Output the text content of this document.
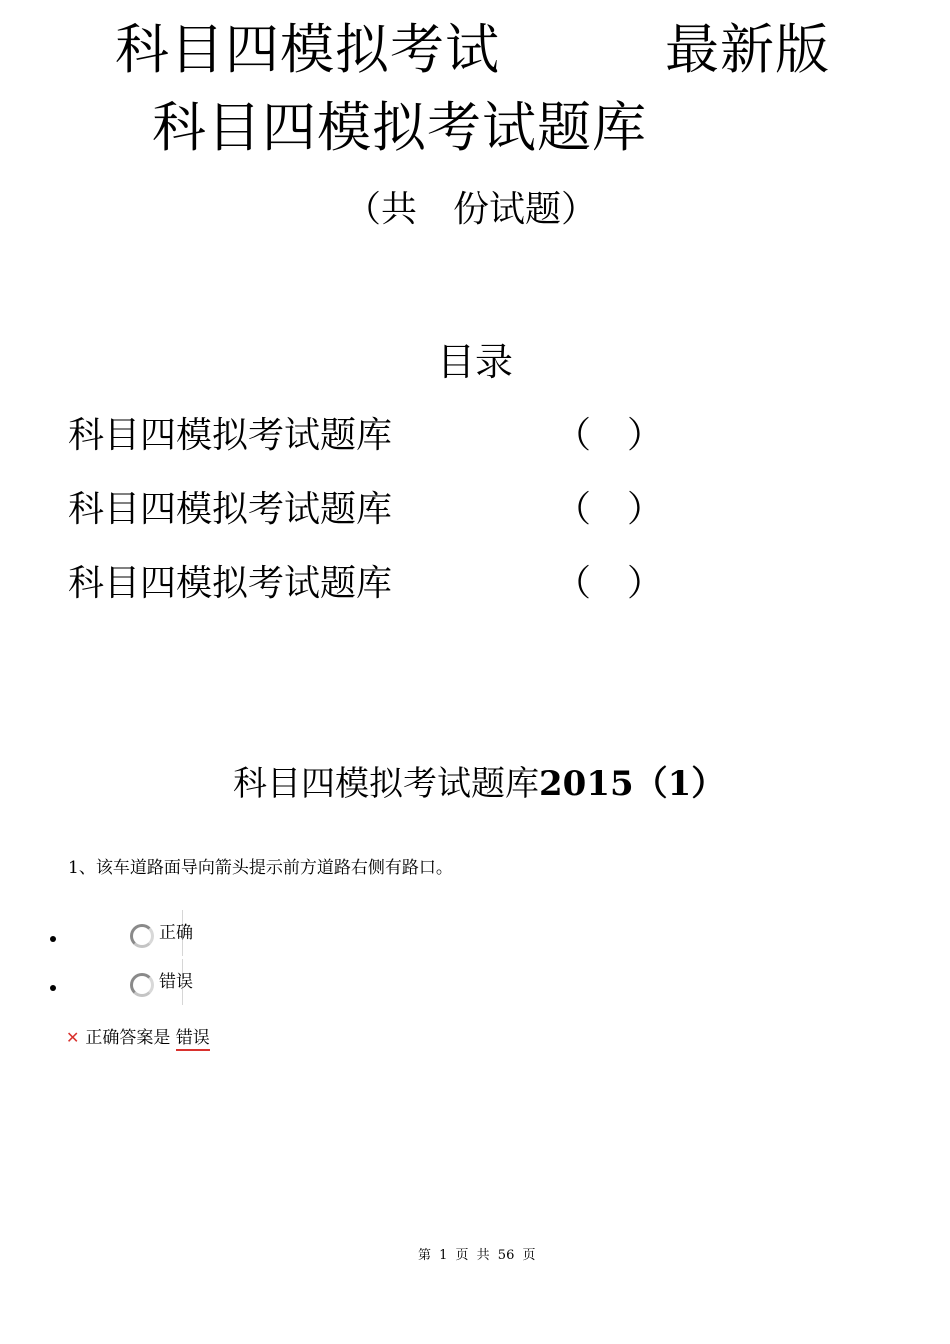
科目四模拟考试	最新版
科目四模拟考试题库
（共　份试题）
目录
科目四模拟考试题库	（　）
科目四模拟考试题库	（　）
科目四模拟考试题库	（　）
科目四模拟考试题库2015（1）
1、该车道路面导向箭头提示前方道路右侧有路口。
正确
错误
✕ 正确答案是 错误
第 1 页 共 56 页
